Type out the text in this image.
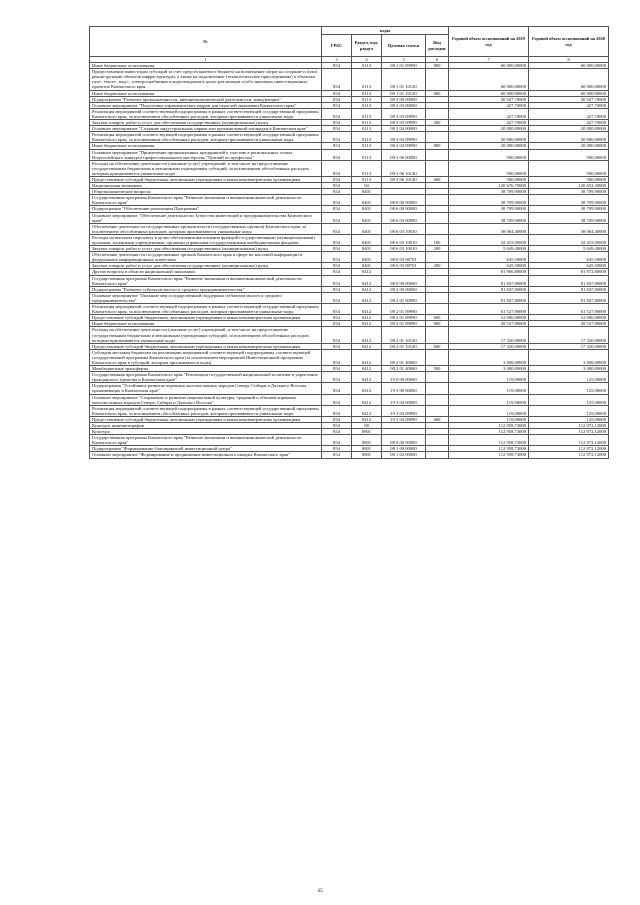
№	коды				Годовой объем ассигнований на 2019 год	Годовой объем ассигнований на 2020 год
	ГРБС	Раздел, под-раздел	Целевая статья	Вид расходов		
1	3	4	5	6	7	8
Иные бюджетные ассигнования	854	0113	08 1 01 09990	800	60 000,00000	60 000,00000
Предоставление инвесторам субсидий за счет средств краевого бюджета на возмещение затрат на создание и (или) реконструкцию объектов инфраструктуры, а также на подключение (технологическое присоединение) к объектам газо-, тепло-, водо-, электроснабжения и водоотведения в целях реализации особо значимых инвестиционных проектов Камчатского края	854	0113	08 1 01 10120		60 000,00000	60 000,00000
Иные бюджетные ассигнования	854	0113	08 1 01 10120	800	60 000,00000	60 000,00000
Подпрограмма "Развитие промышленности, внешнеэкономической деятельности, конкуренции"	854	0113	08 3 00 00000		20 927,70000	20 927,70000
Основное мероприятие "Подготовка управленческих кадров для отраслей экономики Камчатского края"	854	0113	08 3 03 00000		427,70000	427,70000
Реализация мероприятий соответствующей подпрограммы в рамках соответствующей государственной программы Камчатского края, за исключением обособленных расходов, которым присваиваются уникальные коды	854	0113	08 3 03 09990		427,70000	427,70000
Закупка товаров, работ и услуг для обеспечения государственных (муниципальных) нужд	854	0113	08 3 03 09990	200	427,70000	427,70000
Основное мероприятие "Создание индустриальных парков или промышленной площадки в Камчатском крае"	854	0113	08 3 04 00000		20 000,00000	20 000,00000
Реализация мероприятий соответствующей подпрограммы в рамках соответствующей государственной программы Камчатского края, за исключением обособленных расходов, которым присваиваются уникальные коды	854	0113	08 3 04 09990		20 000,00000	20 000,00000
Иные бюджетные ассигнования	854	0113	08 3 04 09990	800	20 000,00000	20 000,00000
Основное мероприятие "Привлечение промышленных предприятий к участию в региональных этапах Всероссийского конкурса профессионального мастерства "Лучший по профессии"	854	0113	08 3 06 00000		500,00000	500,00000
Расходы на обеспечение деятельности (оказание услуг) учреждений, в том числе на предоставление государственным бюджетным и автономным учреждениям субсидий, за исключением обособленных расходов, которым присваиваются уникальные коды	854	0113	08 3 06 10140		500,00000	500,00000
Предоставление субсидий бюджетным, автономным учреждениям и иным некоммерческим организациям	854	0113	08 3 06 10140	600	500,00000	500,00000
Национальная экономика	854	04			120 676,70000	120 652,30000
Общеэкономические вопросы	854	0401			38 709,90000	38 709,90000
Государственная программа Камчатского края "Развитие экономики и внешнеэкономической деятельности Камчатского края"	854	0401	08 0 00 00000		38 709,90000	38 709,90000
Подпрограмма "Обеспечение реализации Программы"	854	0401	08 6 00 00000		38 709,90000	38 709,90000
Основное мероприятие "Обеспечение деятельности Агентства инвестиций и предпринимательства Камчатского края"	854	0401	08 6 03 00000		38 709,90000	38 709,90000
Обеспечение деятельности государственных органов власти (государственных органов) Камчатского края, за исключением обособленных расходов, которым присваиваются уникальные коды	854	0401	08 6 03 10010		38 064,40000	38 064,40000
Расходы на выплаты персоналу в целях обеспечения выполнения функций государственными (муниципальными) органами, казенными учреждениями, органами управления государственными внебюджетными фондами	854	0401	08 6 03 10010	100	32 415,00000	32 415,00000
Закупка товаров, работ и услуг для обеспечения государственных (муниципальных) нужд	854	0401	08 6 03 10010	200	5 649,40000	5 649,40000
Обеспечение деятельности государственных органов Камчатского края в сфере их массовой информации в федеральных информационных агентствах	854	0401	08 6 03 98701		645,50000	645,50000
Закупка товаров, работ и услуг для обеспечения государственных (муниципальных) нужд	854	0401	08 6 03 98701	200	645,50000	645,50000
Другие вопросы в области национальной экономики	854	0412			81 966,80000	81 972,80000
Государственная программа Камчатского края "Развитие экономики и внешнеэкономической деятельности Камчатского края"	854	0412	08 0 00 00000		81 847,80000	81 847,80000
Подпрограмма "Развитие субъектов малого и среднего предпринимательства"	854	0412	08 2 00 00000		81 847,80000	81 847,80000
Основное мероприятие "Оказание мер государственной поддержки субъектам малого и среднего предпринимательства"	854	0412	08 2 01 00000		81 847,80000	81 847,80000
Реализация мероприятий соответствующей подпрограммы в рамках соответствующей государственной программы Камчатского края, за исключением обособленных расходов, которым присваиваются уникальные коды	854	0412	08 2 01 09990		61 527,80000	61 527,80000
Предоставление субсидий бюджетным, автономным учреждениям и иным некоммерческим организациям	854	0412	08 2 01 09990	600	12 000,00000	12 000,00000
Иные бюджетные ассигнования	854	0412	08 2 01 09990	800	49 527,80000	49 527,80000
Расходы на обеспечение деятельности (оказание услуг) учреждений, в том числе на предоставление государственным бюджетным и автономным учреждениям субсидий, за исключением обособленных расходов, которым присваиваются уникальные коды	854	0412	08 2 01 10140		17 320,00000	17 320,00000
Предоставление субсидий бюджетным, автономным учреждениям и иным некоммерческим организациям	854	0412	08 2 01 10140	600	17 320,00000	17 320,00000
Субсидии местным бюджетам на реализацию мероприятий соответствующей подпрограммы соответствующей государственной программы Камчатского края (за исключением мероприятий Инвестиционной программы Камчатского края в субсидий, которым присваиваются коды)	854	0412	08 2 01 40060		3 000,00000	3 000,00000
Межбюджетные трансферты	854	0412	08 2 01 40060	500	3 000,00000	3 000,00000
Государственная программа Камчатского края "Реализация государственной национальной политики и укрепление гражданского единства в Камчатском крае"	854	0412	19 0 00 00000		119,00000	125,00000
Подпрограмма "Устойчивое развитие коренных малочисленных народов Севера, Сибири и Дальнего Востока, проживающих в Камчатском крае"	854	0412	19 3 00 00000		119,00000	125,00000
Основное мероприятие "Сохранение и развитие национальной культуры, традиций и обычаев коренных малочисленных народов Севера, Сибири и Дальнего Востока"	854	0412	19 3 04 00000		119,00000	125,00000
Реализация мероприятий соответствующей подпрограммы в рамках соответствующей государственной программы Камчатского края, за исключением обособленных расходов, которым присваиваются уникальные коды	854	0412	19 3 04 09990		119,00000	125,00000
Предоставление субсидий бюджетным, автономным учреждениям и иным некоммерческим организациям	854	0412	19 3 04 09990	600	119,00000	125,00000
Культура, кинематография	854	08			112 958,73000	112 972,12000
Культура	854	0801			112 958,73000	112 972,12000
Государственная программа Камчатского края "Развитие экономики и внешнеэкономической деятельности Камчатского края"	854	0801	08 0 00 00000		112 958,73000	112 972,12000
Подпрограмма "Формирование благоприятной инвестиционной среды"	854	0801	08 1 00 00000		112 958,73000	112 972,12000
Основное мероприятие "Формирование и продвижение инвестиционного имиджа Камчатского края"	854	0801	08 1 02 00000		112 958,73000	112 972,12000
45
